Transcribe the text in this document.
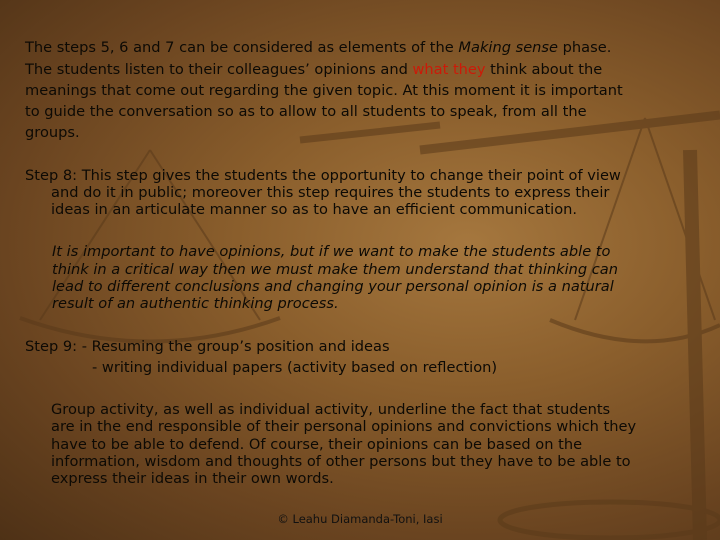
The steps 5, 6 and 7 can be considered as elements of the Making sense phase.

The students listen to their colleagues’ opinions and what they think about the

meanings that come out regarding the given topic. At this moment it is important

to guide the conversation so as to allow to all students to speak, from all the

groups.

Step 8: This step gives the students the opportunity to change their point of view

and do it in public; moreover this step requires the students to express their

ideas in an articulate manner so as to have an efficient communication.

It is important to have opinions, but if we want to make the students able to

think in a critical way then we must make them understand that thinking can

lead to different conclusions and changing your personal opinion is a natural

result of an authentic thinking process.

Step 9: - Resuming the group’s position and ideas

- writing individual papers (activity based on reflection)

Group activity, as well as individual activity, underline the fact that students

are in the end responsible of their personal opinions and convictions which they

have to be able to defend. Of course, their opinions can be based on the

information, wisdom and thoughts of other persons but they have to be able to

express their ideas in their own words.

© Leahu Diamanda-Toni, Iasi
